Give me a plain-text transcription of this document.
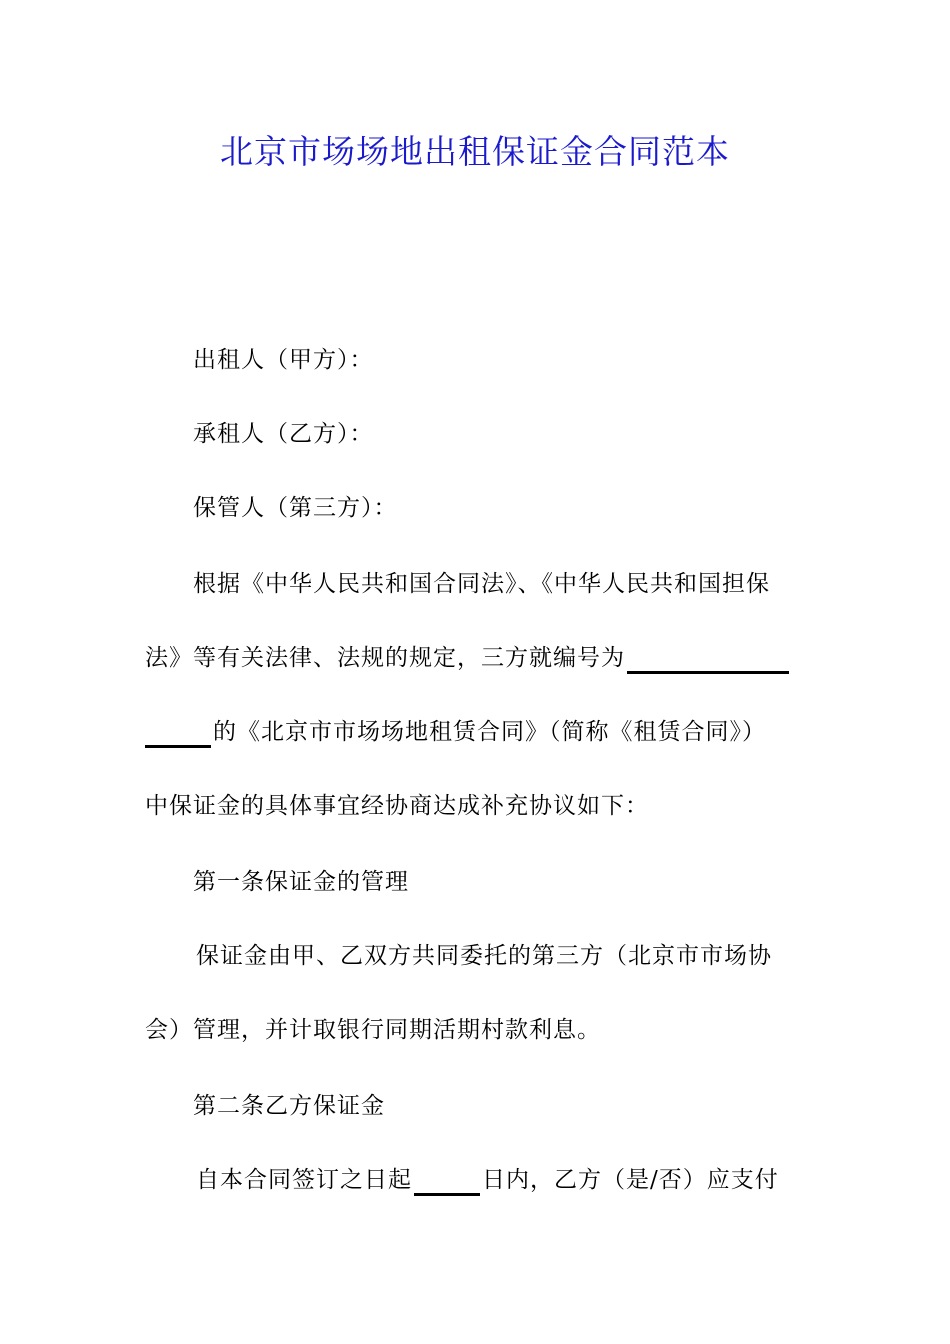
北京市场场地出租保证金合同范本
出租人（甲方）：
承租人（乙方）：
保管人（第三方）：
根据《中华人民共和国合同法》、《中华人民共和国担保
法》等有关法律、法规的规定，三方就编号为
的《北京市市场场地租赁合同》（简称《租赁合同》）
中保证金的具体事宜经协商达成补充协议如下：
第一条保证金的管理
保证金由甲、乙双方共同委托的第三方（北京市市场协
会）管理，并计取银行同期活期村款利息。
第二条乙方保证金
自本合同签订之日起	日内，乙方（是/否）应支付
